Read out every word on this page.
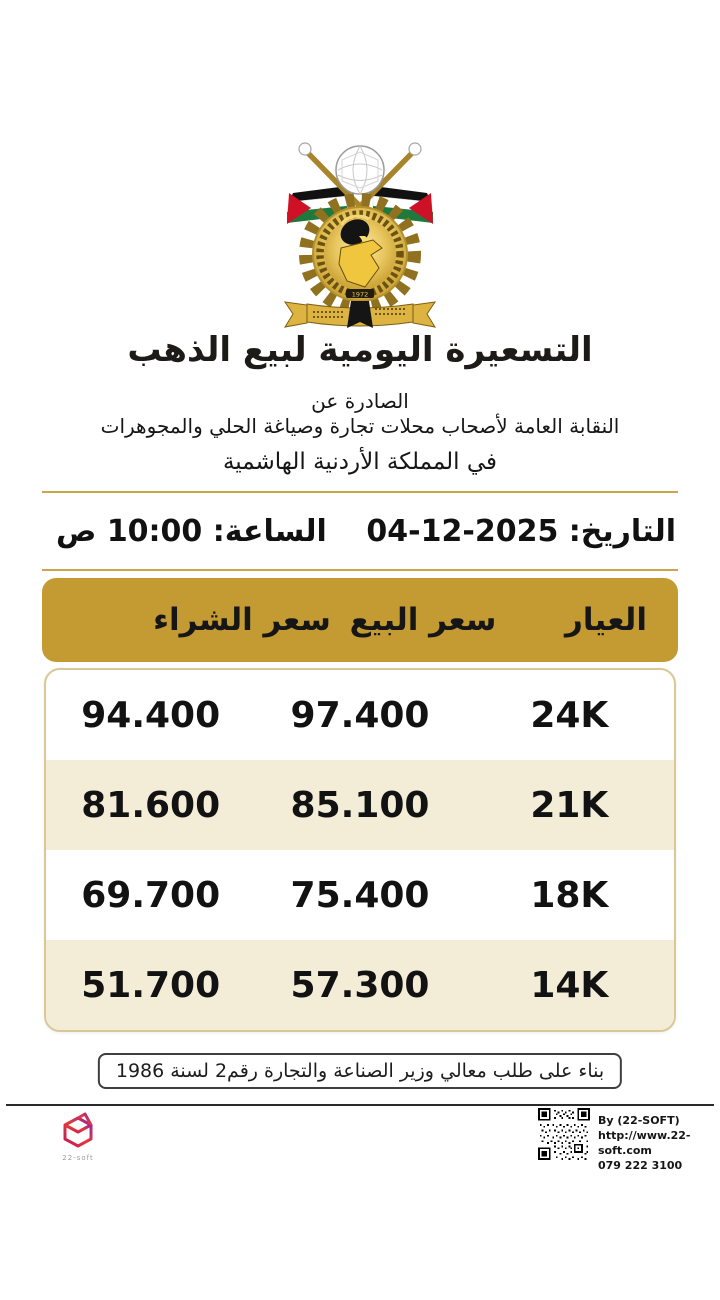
1972
التسعيرة اليومية لبيع الذهب
الصادرة عن
النقابة العامة لأصحاب محلات تجارة وصياغة الحلي والمجوهرات
في المملكة الأردنية الهاشمية
التاريخ: 04-12-2025
الساعة: 10:00 ص
العيار
سعر البيع
سعر الشراء
24K
97.400
94.400
21K
85.100
81.600
18K
75.400
69.700
14K
57.300
51.700
بناء على طلب معالي وزير الصناعة والتجارة رقم2 لسنة 1986
22-soft
By (22-SOFT)
http://www.22-soft.com
079 222 3100
